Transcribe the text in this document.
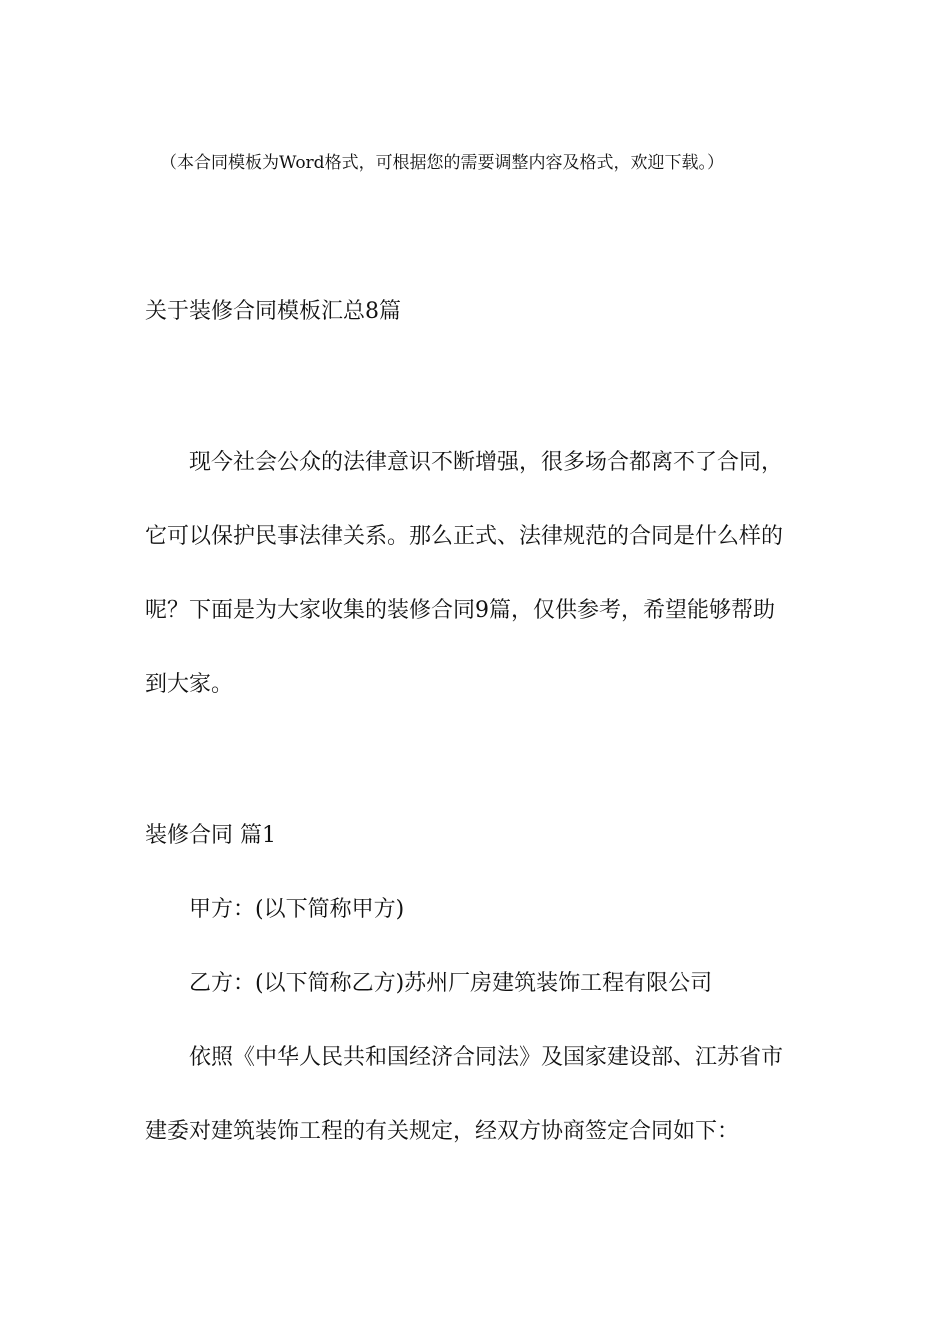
（本合同模板为Word格式，可根据您的需要调整内容及格式，欢迎下载。）

关于装修合同模板汇总8篇

现今社会公众的法律意识不断增强，很多场合都离不了合同，

它可以保护民事法律关系。那么正式、法律规范的合同是什么样的

呢？下面是为大家收集的装修合同9篇，仅供参考，希望能够帮助

到大家。

装修合同 篇1

甲方：(以下简称甲方)

乙方：(以下简称乙方)苏州厂房建筑装饰工程有限公司

依照《中华人民共和国经济合同法》及国家建设部、江苏省市

建委对建筑装饰工程的有关规定，经双方协商签定合同如下：
